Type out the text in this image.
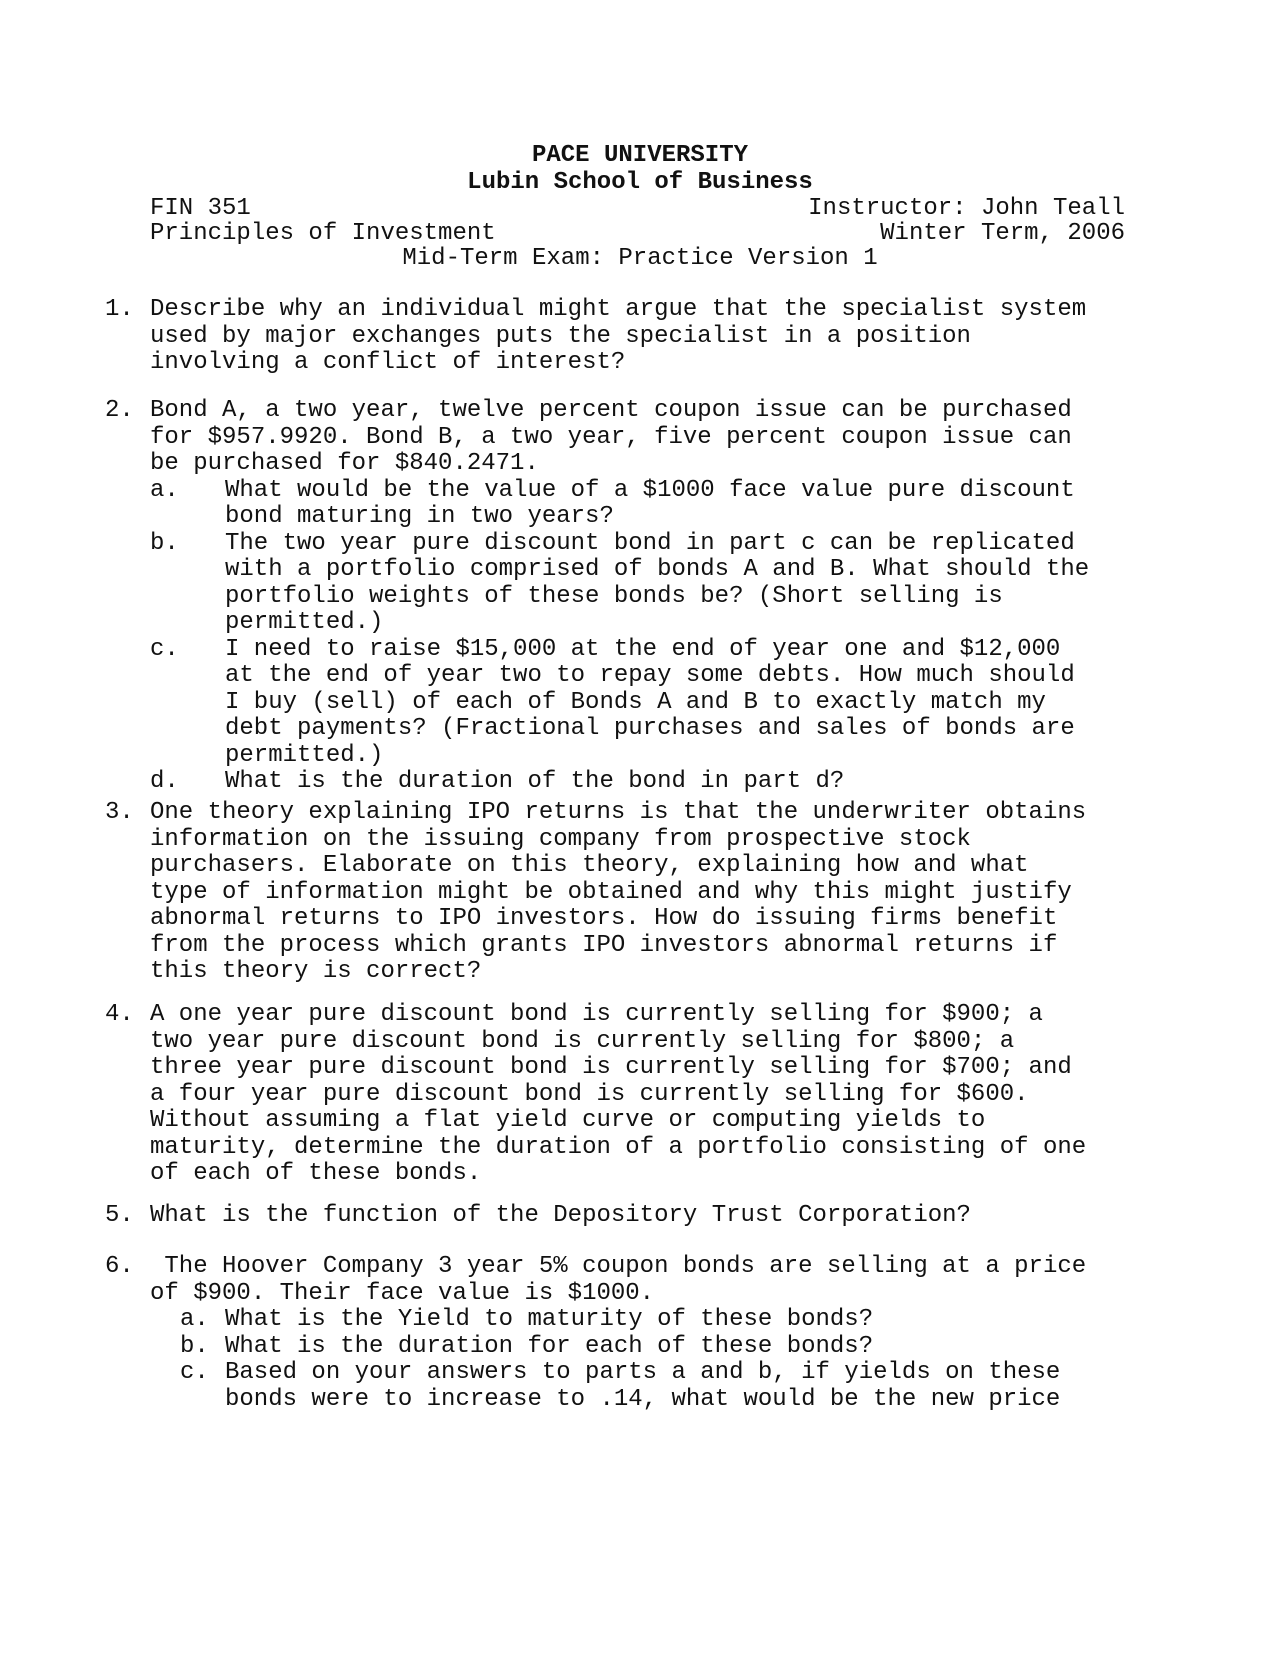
PACE UNIVERSITY
Lubin School of Business
FIN 351	Instructor: John Teall
Principles of Investment	Winter Term, 2006
Mid-Term Exam: Practice Version 1
1. Describe why an individual might argue that the specialist system
used by major exchanges puts the specialist in a position
involving a conflict of interest?
2. Bond A, a two year, twelve percent coupon issue can be purchased
for $957.9920. Bond B, a two year, five percent coupon issue can
be purchased for $840.2471.
a.	What would be the value of a $1000 face value pure discount
bond maturing in two years?
b.	The two year pure discount bond in part c can be replicated
with a portfolio comprised of bonds A and B. What should the
portfolio weights of these bonds be? (Short selling is
permitted.)
c.	I need to raise $15,000 at the end of year one and $12,000
at the end of year two to repay some debts. How much should
I buy (sell) of each of Bonds A and B to exactly match my
debt payments? (Fractional purchases and sales of bonds are
permitted.)
d.	What is the duration of the bond in part d?
3. One theory explaining IPO returns is that the underwriter obtains
information on the issuing company from prospective stock
purchasers. Elaborate on this theory, explaining how and what
type of information might be obtained and why this might justify
abnormal returns to IPO investors. How do issuing firms benefit
from the process which grants IPO investors abnormal returns if
this theory is correct?
4. A one year pure discount bond is currently selling for $900; a
two year pure discount bond is currently selling for $800; a
three year pure discount bond is currently selling for $700; and
a four year pure discount bond is currently selling for $600.
Without assuming a flat yield curve or computing yields to
maturity, determine the duration of a portfolio consisting of one
of each of these bonds.
5. What is the function of the Depository Trust Corporation?
6.	The Hoover Company 3 year 5% coupon bonds are selling at a price
of $900. Their face value is $1000.
a. What is the Yield to maturity of these bonds?
b. What is the duration for each of these bonds?
c. Based on your answers to parts a and b, if yields on these
bonds were to increase to .14, what would be the new price
